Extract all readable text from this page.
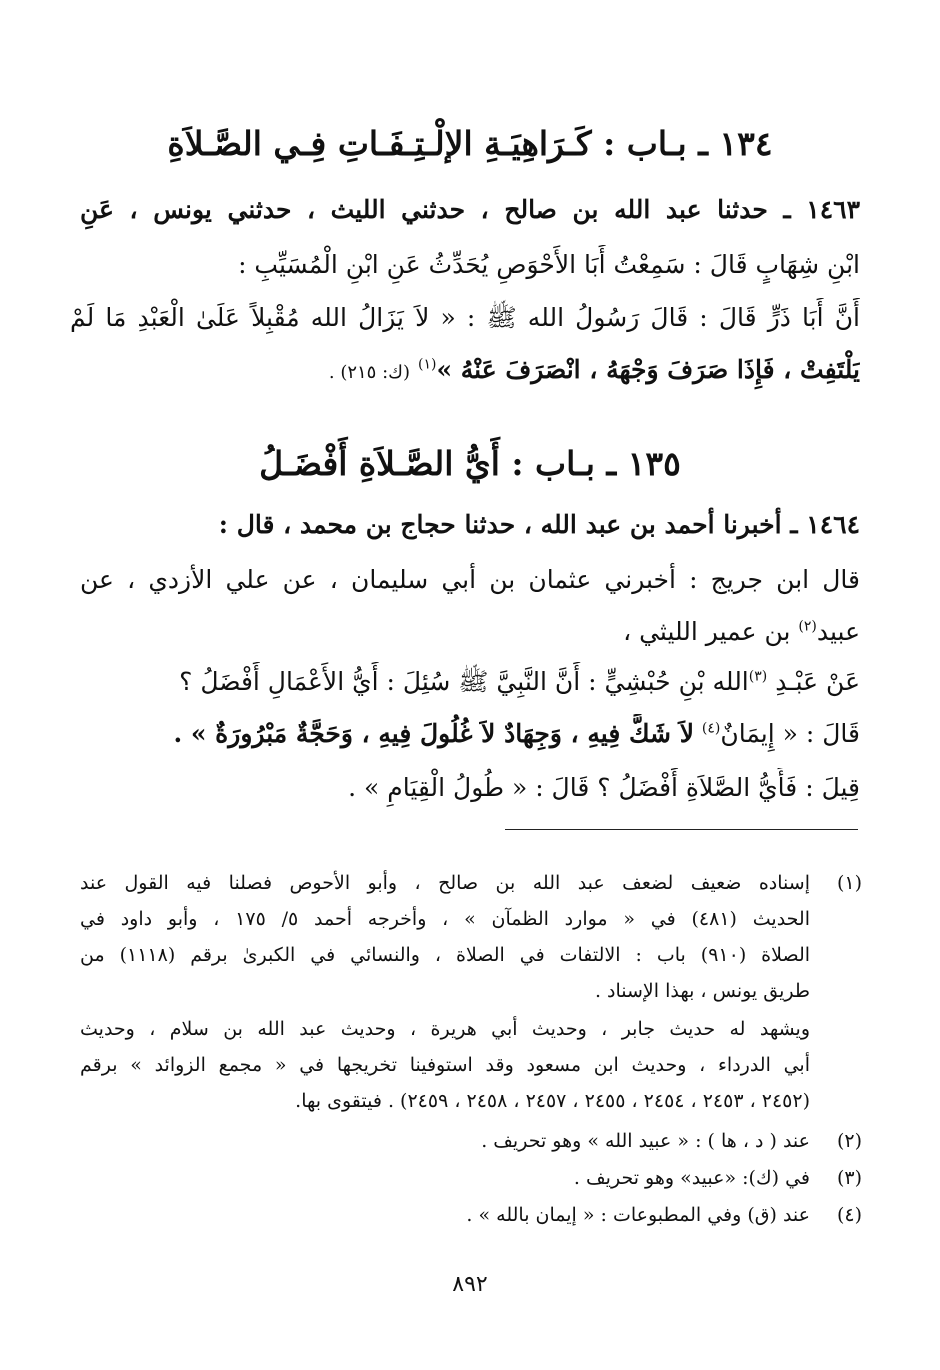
١٣٤ ـ بـاب : كَـرَاهِيَـةِ الإلْـتِـفَـاتِ فِـي الصَّـلاَةِ
١٤٦٣ ـ حدثنا عبد الله بن صالح ، حدثني الليث ، حدثني يونس ، عَنِ
ابْنِ شِهَابٍ قَالَ : سَمِعْتُ أَبَا الأَحْوَصِ يُحَدِّثُ عَنِ ابْنِ الْمُسَيِّبِ :
أَنَّ أَبَا ذَرٍّ قَالَ : قَالَ رَسُولُ الله ﷺ : « لاَ يَزَالُ الله مُقْبِلاً عَلَىٰ الْعَبْدِ مَا لَمْ
يَلْتَفِتْ ، فَإِذَا صَرَفَ وَجْهَهُ ، انْصَرَفَ عَنْهُ »$^{(١)}$ (ك: ٢١٥) .
١٣٥ ـ بـاب : أَيُّ الصَّـلاَةِ أَفْضَـلُ
١٤٦٤ ـ أخبرنا أحمد بن عبد الله ، حدثنا حجاج بن محمد ، قال :
قال ابن جريج : أخبرني عثمان بن أبي سليمان ، عن علي الأزدي ، عن
عبيد$^{(٢)}$ بن عمير الليثي ،
عَنْ عَبْـدِ $^{(٣)}$الله بْنِ حُبْشِيٍّ : أَنَّ النَّبِيَّ ﷺ سُئِلَ : أَيُّ الأَعْمَالِ أَفْضَلُ ؟
قَالَ : « إِيمَانٌ$^{(٤)}$ لاَ شَكَّ فِيهِ ، وَجِهَادٌ لاَ غُلُولَ فِيهِ ، وَحَجَّةٌ مَبْرُورَةٌ » .
قِيلَ : فَأَيُّ الصَّلاَةِ أَفْضَلُ ؟ قَالَ : « طُولُ الْقِيَامِ » .
(١)إسناده ضعيف لضعف عبد الله بن صالح ، وأبو الأحوص فصلنا فيه القول عند
الحديث (٤٨١) في « موارد الظمآن » ، وأخرجه أحمد ٥/ ١٧٥ ، وأبو داود في
الصلاة (٩١٠) باب : الالتفات في الصلاة ، والنسائي في الكبرىٰ برقم (١١١٨) من
طريق يونس ، بهذا الإسناد .
ويشهد له حديث جابر ، وحديث أبي هريرة ، وحديث عبد الله بن سلام ، وحديث
أبي الدرداء ، وحديث ابن مسعود وقد استوفينا تخريجها في « مجمع الزوائد » برقم
(٢٤٥٢ ، ٢٤٥٣ ، ٢٤٥٤ ، ٢٤٥٥ ، ٢٤٥٧ ، ٢٤٥٨ ، ٢٤٥٩) . فيتقوى بها.
(٢)عند ( د ، ها ) : « عبيد الله » وهو تحريف .
(٣)في (ك): «عبيد» وهو تحريف .
(٤)عند (ق) وفي المطبوعات : « إيمان بالله » .
٨٩٢
